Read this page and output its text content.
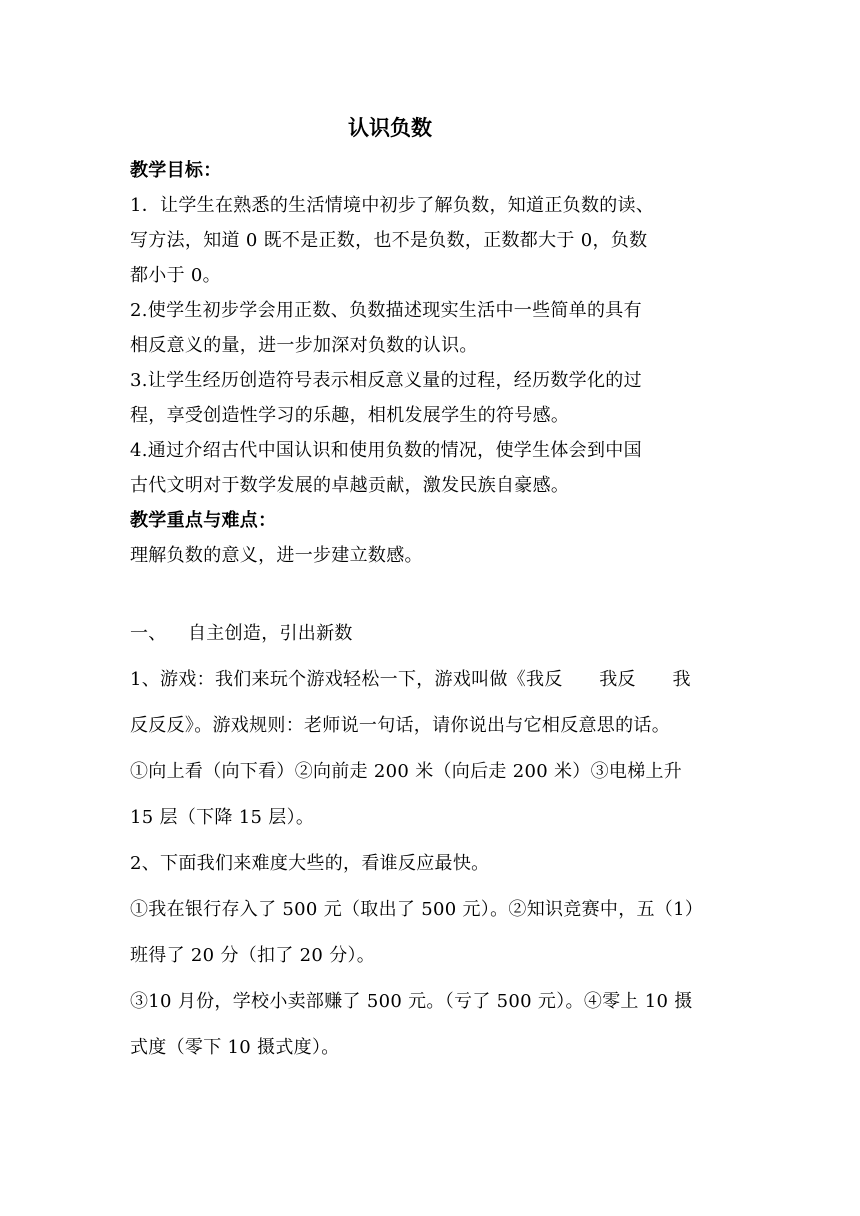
认识负数
教学目标：
1．让学生在熟悉的生活情境中初步了解负数，知道正负数的读、
写方法，知道 0 既不是正数，也不是负数，正数都大于 0，负数
都小于 0。
2.使学生初步学会用正数、负数描述现实生活中一些简单的具有
相反意义的量，进一步加深对负数的认识。
3.让学生经历创造符号表示相反意义量的过程，经历数学化的过
程，享受创造性学习的乐趣，相机发展学生的符号感。
4.通过介绍古代中国认识和使用负数的情况，使学生体会到中国
古代文明对于数学发展的卓越贡献，激发民族自豪感。
教学重点与难点：
理解负数的意义，进一步建立数感。
一、 自主创造，引出新数
1、游戏：我们来玩个游戏轻松一下，游戏叫做《我反　　我反　　我
反反反》。游戏规则：老师说一句话，请你说出与它相反意思的话。
①向上看（向下看）②向前走 200 米（向后走 200 米）③电梯上升
15 层（下降 15 层）。
2、下面我们来难度大些的，看谁反应最快。
①我在银行存入了 500 元（取出了 500 元）。②知识竞赛中，五（1）
班得了 20 分（扣了 20 分）。
③10 月份，学校小卖部赚了 500 元。（亏了 500 元）。④零上 10 摄
式度（零下 10 摄式度）。
